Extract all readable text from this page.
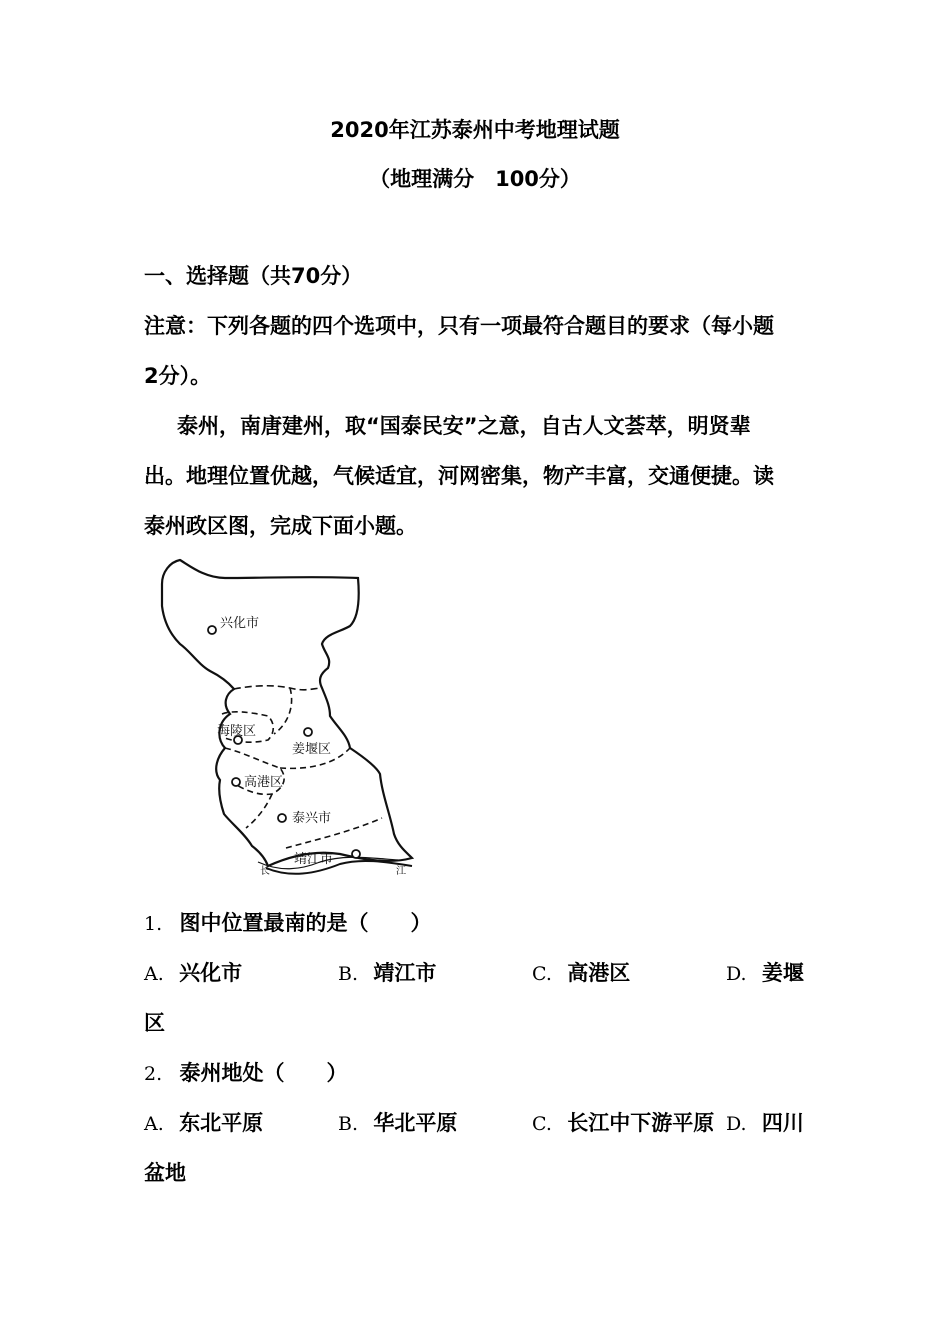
2020年江苏泰州中考地理试题
（地理满分　100分）
一、选择题（共70分）
注意：下列各题的四个选项中，只有一项最符合题目的要求（每小题
2分）。
泰州，南唐建州，取“国泰民安”之意，自古人文荟萃，明贤辈
出。地理位置优越，气候适宜，河网密集，物产丰富，交通便捷。读
泰州政区图，完成下面小题。
兴化市
海陵区
姜堰区
高港区
泰兴市
靖江市
长	江
1. 图中位置最南的是（　　）
A. 兴化市	B. 靖江市	C. 高港区	D. 姜堰
区
2. 泰州地处（　　）
A. 东北平原	B. 华北平原	C. 长江中下游平原 D. 四川
盆地
